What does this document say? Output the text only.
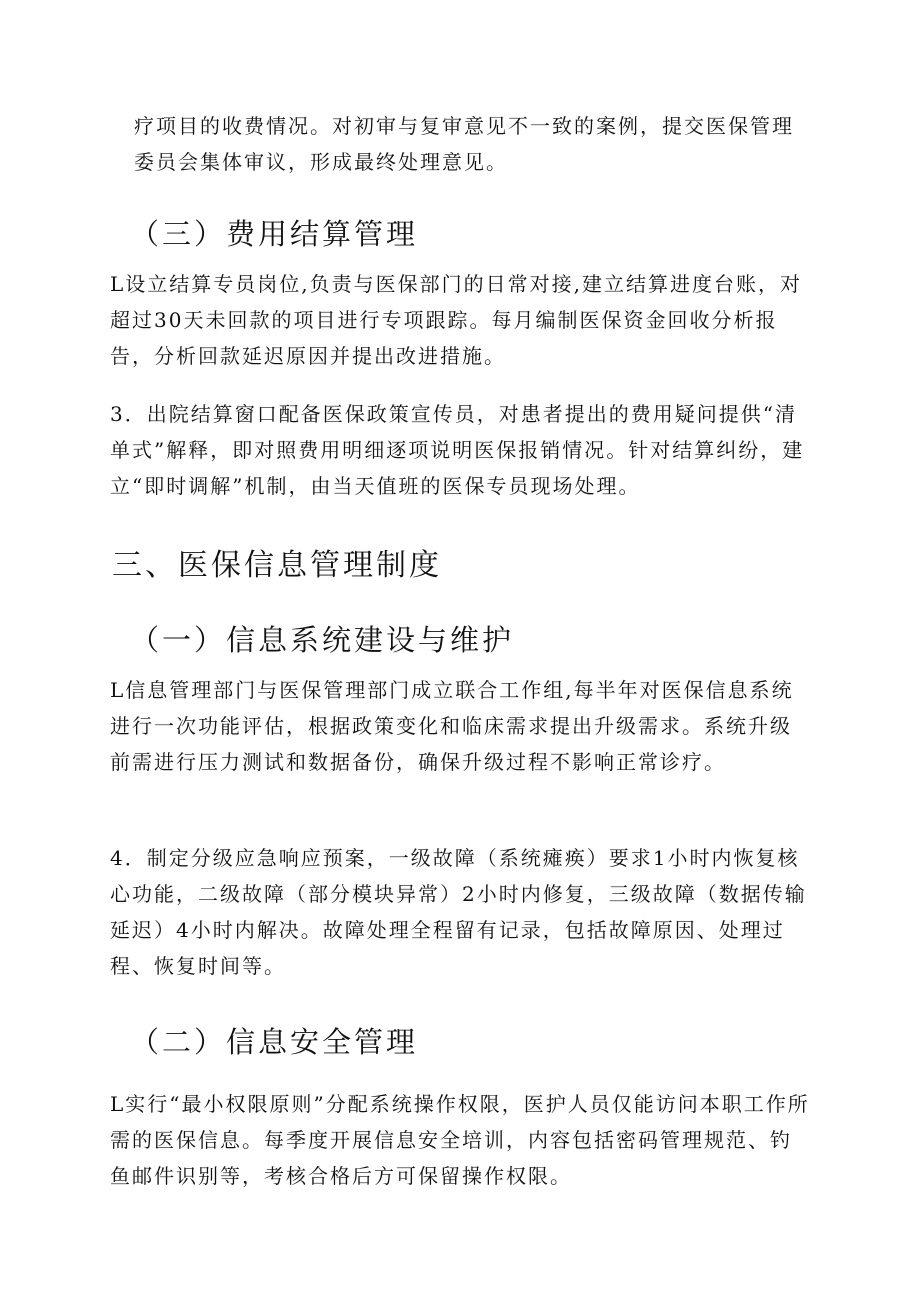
疗项目的收费情况。对初审与复审意见不一致的案例，提交医保管理委员会集体审议，形成最终处理意见。

（三）费用结算管理

L设立结算专员岗位,负责与医保部门的日常对接,建立结算进度台账，对超过30天未回款的项目进行专项跟踪。每月编制医保资金回收分析报告，分析回款延迟原因并提出改进措施。

3．出院结算窗口配备医保政策宣传员，对患者提出的费用疑问提供“清单式”解释，即对照费用明细逐项说明医保报销情况。针对结算纠纷，建立“即时调解”机制，由当天值班的医保专员现场处理。

三、医保信息管理制度
（一）信息系统建设与维护

L信息管理部门与医保管理部门成立联合工作组,每半年对医保信息系统进行一次功能评估，根据政策变化和临床需求提出升级需求。系统升级前需进行压力测试和数据备份，确保升级过程不影响正常诊疗。

4．制定分级应急响应预案，一级故障（系统瘫痪）要求1小时内恢复核心功能，二级故障（部分模块异常）2小时内修复，三级故障（数据传输延迟）4小时内解决。故障处理全程留有记录，包括故障原因、处理过程、恢复时间等。

（二）信息安全管理

L实行“最小权限原则”分配系统操作权限，医护人员仅能访问本职工作所需的医保信息。每季度开展信息安全培训，内容包括密码管理规范、钓鱼邮件识别等，考核合格后方可保留操作权限。
